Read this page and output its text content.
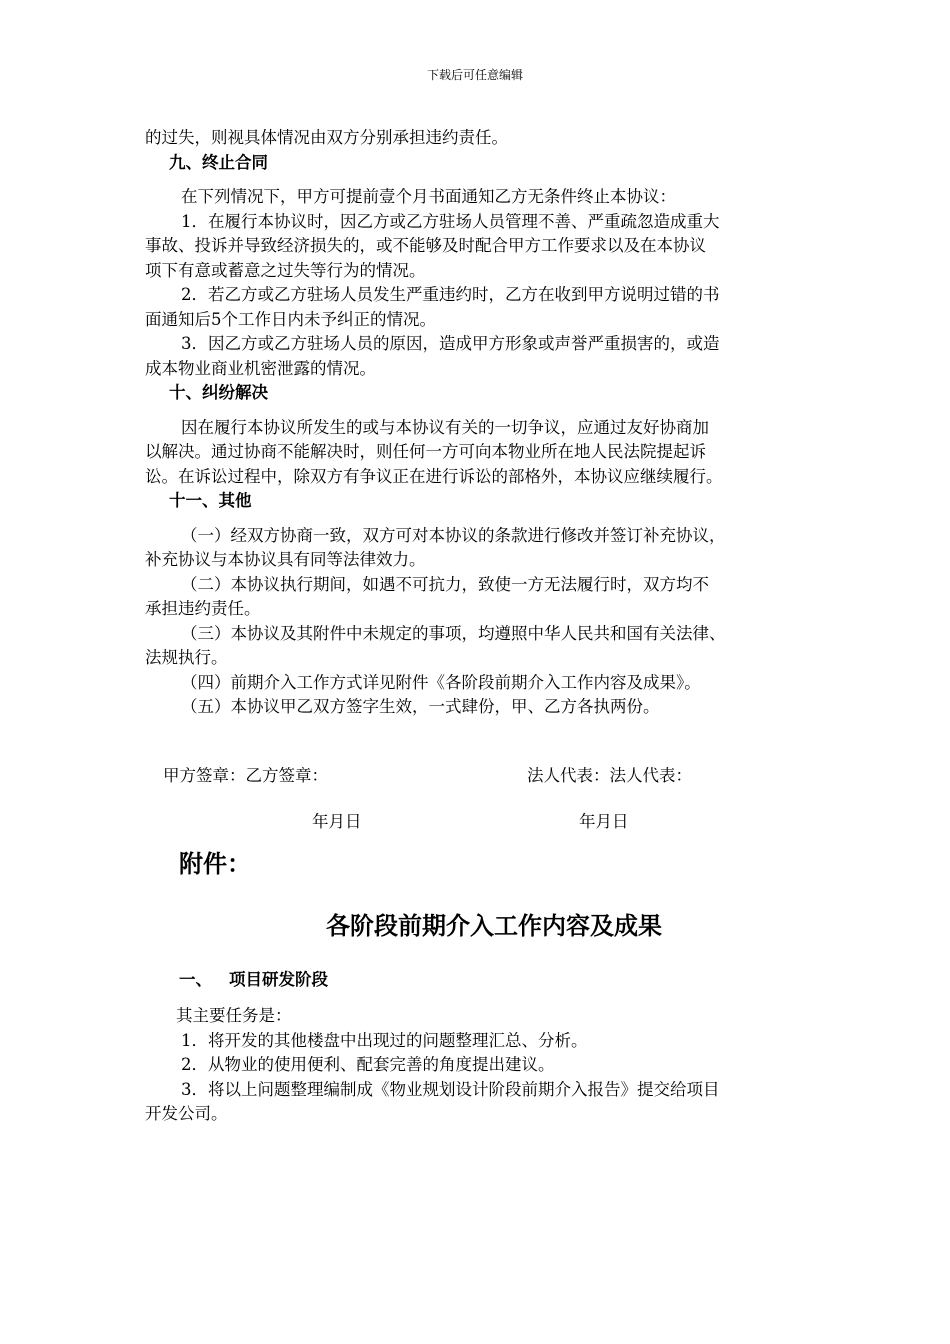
下载后可任意编辑

的过失，则视具体情况由双方分别承担违约责任。

九、终止合同

在下列情况下，甲方可提前壹个月书面通知乙方无条件终止本协议：

1．在履行本协议时，因乙方或乙方驻场人员管理不善、严重疏忽造成重大

事故、投诉并导致经济损失的，或不能够及时配合甲方工作要求以及在本协议

项下有意或蓄意之过失等行为的情况。

2．若乙方或乙方驻场人员发生严重违约时，乙方在收到甲方说明过错的书

面通知后5个工作日内未予纠正的情况。

3．因乙方或乙方驻场人员的原因，造成甲方形象或声誉严重损害的，或造

成本物业商业机密泄露的情况。

十、纠纷解决

因在履行本协议所发生的或与本协议有关的一切争议，应通过友好协商加

以解决。通过协商不能解决时，则任何一方可向本物业所在地人民法院提起诉

讼。在诉讼过程中，除双方有争议正在进行诉讼的部格外，本协议应继续履行。

十一、其他

（一）经双方协商一致，双方可对本协议的条款进行修改并签订补充协议，

补充协议与本协议具有同等法律效力。

（二）本协议执行期间，如遇不可抗力，致使一方无法履行时，双方均不

承担违约责任。

（三）本协议及其附件中未规定的事项，均遵照中华人民共和国有关法律、

法规执行。

（四）前期介入工作方式详见附件《各阶段前期介入工作内容及成果》。

（五）本协议甲乙双方签字生效，一式肆份，甲、乙方各执两份。

甲方签章：乙方签章：	法人代表：法人代表：
年月日	年月日
附件：
各阶段前期介入工作内容及成果
一、 项目研发阶段

其主要任务是：

1．将开发的其他楼盘中出现过的问题整理汇总、分析。

2．从物业的使用便利、配套完善的角度提出建议。

3．将以上问题整理编制成《物业规划设计阶段前期介入报告》提交给项目

开发公司。
